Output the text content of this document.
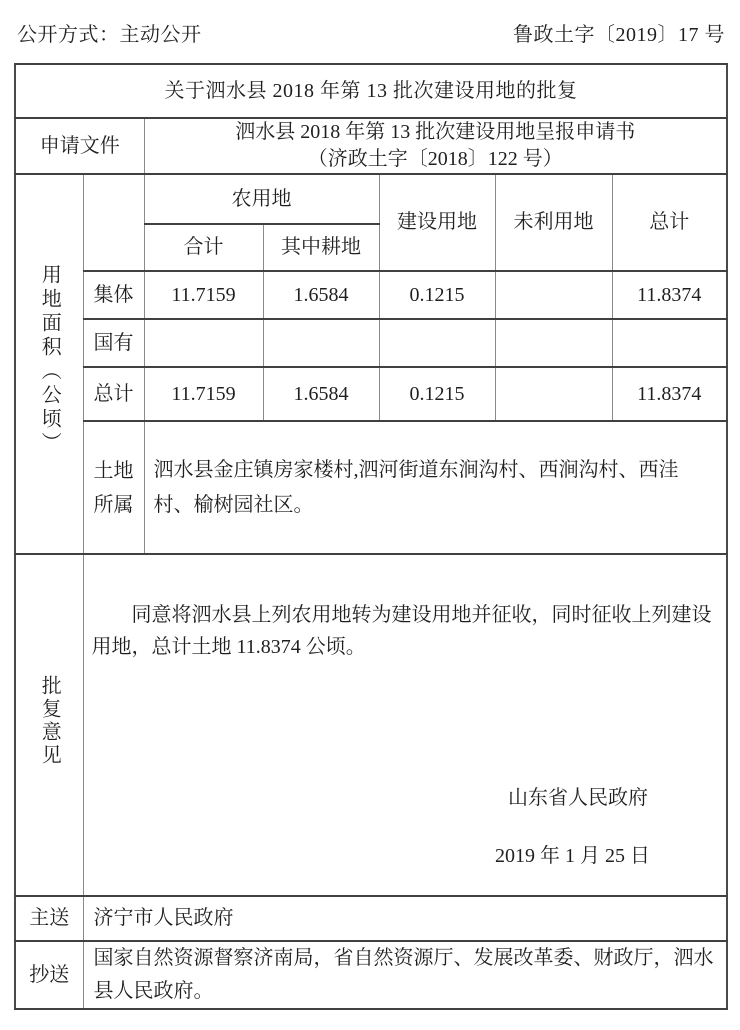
公开方式：主动公开	鲁政土字〔2019〕17 号
关于泗水县 2018 年第 13 批次建设用地的批复						
申请文件		泗水县 2018 年第 13 批次建设用地呈报申请书
（济政土字〔2018〕122 号）				

用地面积（公顷）		农用地		建设用地	未利用地	总计
		合计	其中耕地			
	集体	11.7159	1.6584	0.1215		11.8374
	国有					
	总计	11.7159	1.6584	0.1215		11.8374
	土地所属	泗水县金庄镇房家楼村,泗河街道东涧沟村、西涧沟村、西洼村、榆树园社区。				
批复意见	同意将泗水县上列农用地转为建设用地并征收，同时征收上列建设用地，总计土地 11.8374 公顷。
山东省人民政府
2019 年 1 月 25 日					

主送	济宁市人民政府					
抄送	国家自然资源督察济南局，省自然资源厅、发展改革委、财政厅，泗水县人民政府。					
